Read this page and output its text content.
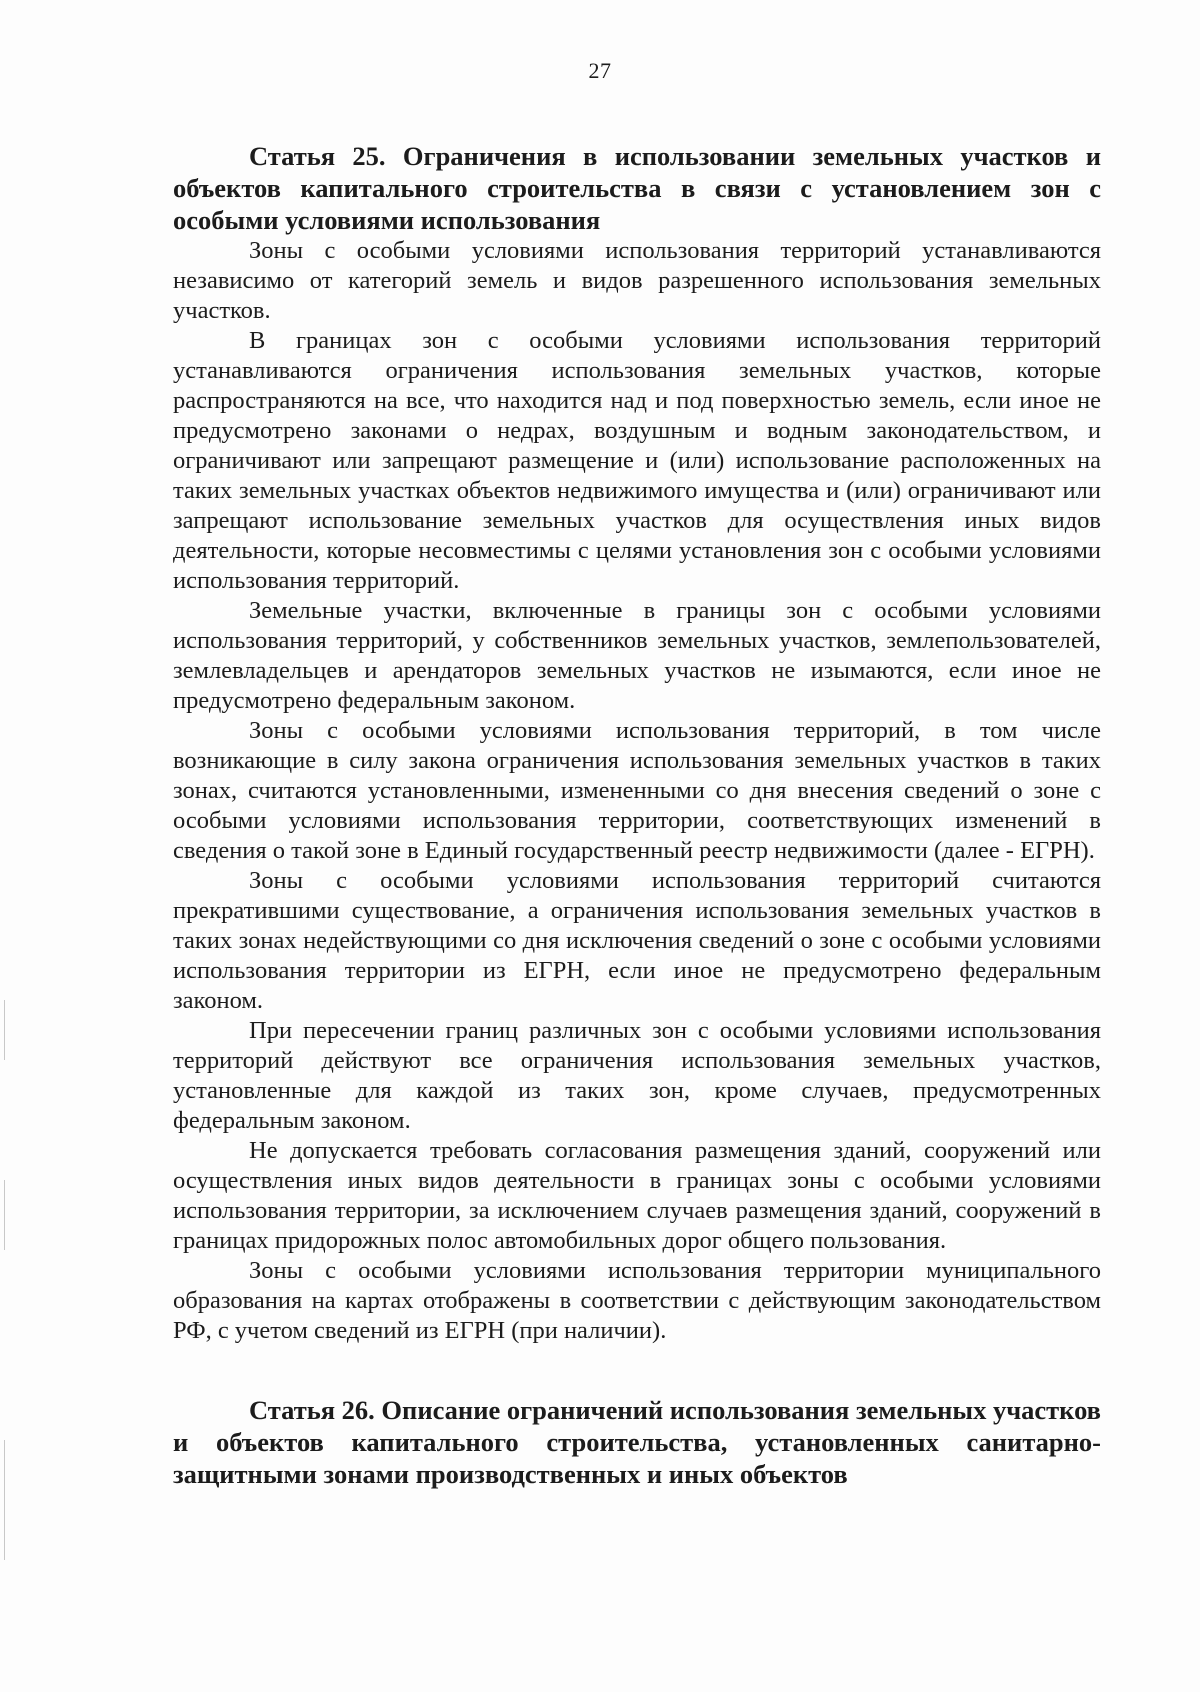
27
Статья 25. Ограничения в использовании земельных участков и объектов капитального строительства в связи с установлением зон с особыми условиями использования

Зоны с особыми условиями использования территорий устанавливаются независимо от категорий земель и видов разрешенного использования земельных участков.

В границах зон с особыми условиями использования территорий устанавливаются ограничения использования земельных участков, которые распространяются на все, что находится над и под поверхностью земель, если иное не предусмотрено законами о недрах, воздушным и водным законодательством, и ограничивают или запрещают размещение и (или) использование расположенных на таких земельных участках объектов недвижимого имущества и (или) ограничивают или запрещают использование земельных участков для осуществления иных видов деятельности, которые несовместимы с целями установления зон с особыми условиями использования территорий.

Земельные участки, включенные в границы зон с особыми условиями использования территорий, у собственников земельных участков, землепользователей, землевладельцев и арендаторов земельных участков не изымаются, если иное не предусмотрено федеральным законом.

Зоны с особыми условиями использования территорий, в том числе возникающие в силу закона ограничения использования земельных участков в таких зонах, считаются установленными, измененными со дня внесения сведений о зоне с особыми условиями использования территории, соответствующих изменений в сведения о такой зоне в Единый государственный реестр недвижимости (далее - ЕГРН).

Зоны с особыми условиями использования территорий считаются прекратившими существование, а ограничения использования земельных участков в таких зонах недействующими со дня исключения сведений о зоне с особыми условиями использования территории из ЕГРН, если иное не предусмотрено федеральным законом.

При пересечении границ различных зон с особыми условиями использования территорий действуют все ограничения использования земельных участков, установленные для каждой из таких зон, кроме случаев, предусмотренных федеральным законом.

Не допускается требовать согласования размещения зданий, сооружений или осуществления иных видов деятельности в границах зоны с особыми условиями использования территории, за исключением случаев размещения зданий, сооружений в границах придорожных полос автомобильных дорог общего пользования.

Зоны с особыми условиями использования территории муниципального образования на картах отображены в соответствии с действующим законодательством РФ, с учетом сведений из ЕГРН (при наличии).

Статья 26. Описание ограничений использования земельных участков и объектов капитального строительства, установленных санитарно-защитными зонами производственных и иных объектов
